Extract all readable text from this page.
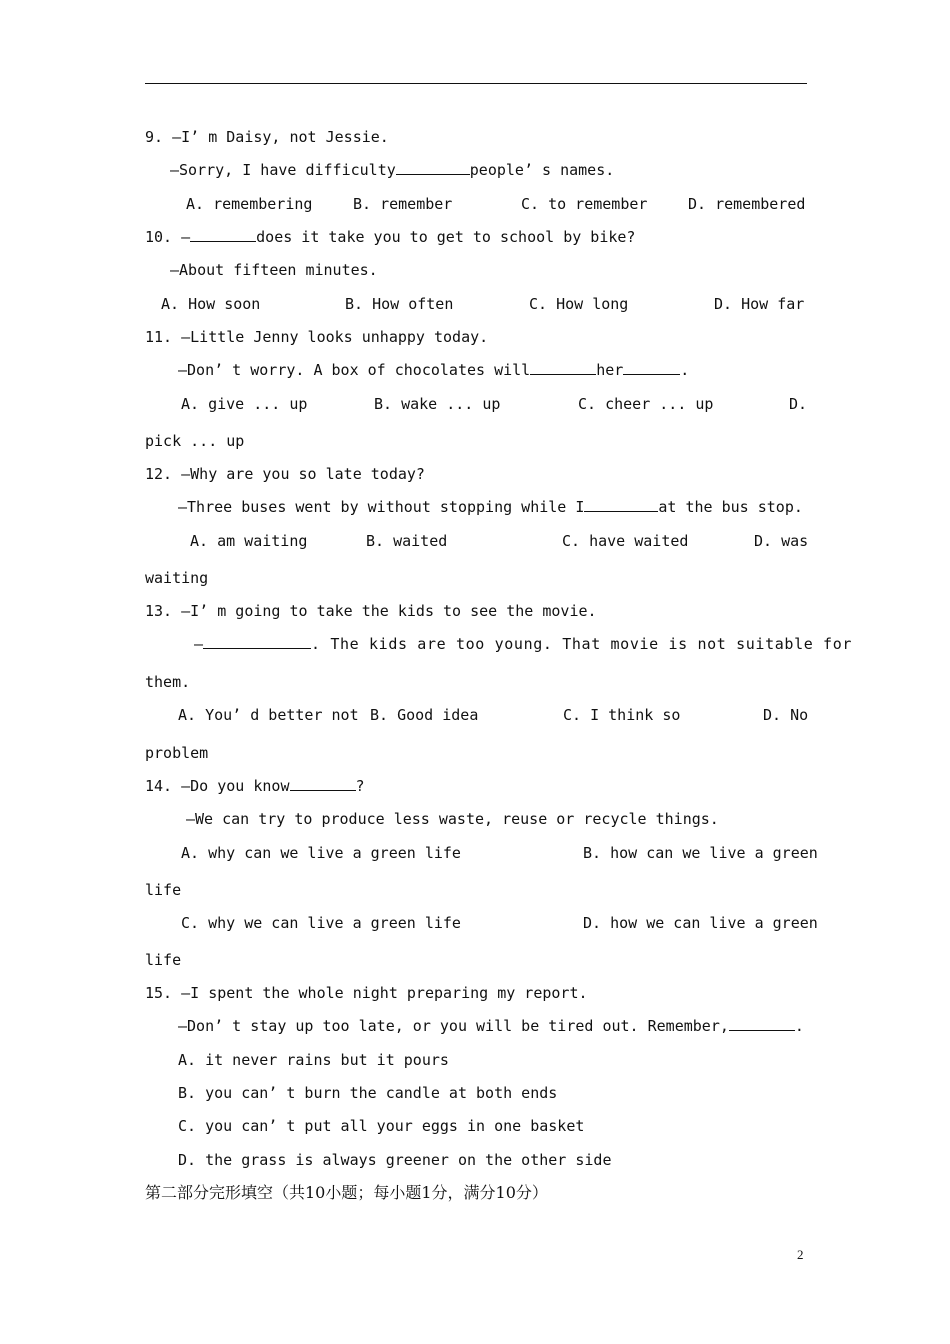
9. —I’ m Daisy, not Jessie.
—Sorry, I have difficulty	people’ s names.
A. remembering	B. remember	C. to remember	D. remembered
10. —	does it take you to get to school by bike?
—About fifteen minutes.
A. How soon	B. How often	C. How long	D. How far
11. —Little Jenny looks unhappy today.
—Don’ t worry. A box of chocolates will	her	.
A. give ... up	B. wake ... up	C. cheer ... up	D.
pick ... up
12. —Why are you so late today?
—Three buses went by without stopping while I	at the bus stop.
A. am waiting	B. waited	C. have waited	D. was
waiting
13. —I’ m going to take the kids to see the movie.
—	. The kids are too young. That movie is not suitable for
them.
A. You’ d better not B. Good idea	C. I think so	D. No
problem
14. —Do you know	?
—We can try to produce less waste, reuse or recycle things.
A. why can we live a green life	B. how can we live a green
life
C. why we can live a green life	D. how we can live a green
life
15. —I spent the whole night preparing my report.
—Don’ t stay up too late, or you will be tired out. Remember,	.
A. it never rains but it pours
B. you can’ t burn the candle at both ends
C. you can’ t put all your eggs in one basket
D. the grass is always greener on the other side
第二部分完形填空（共10小题；每小题1分，满分10分）
2
